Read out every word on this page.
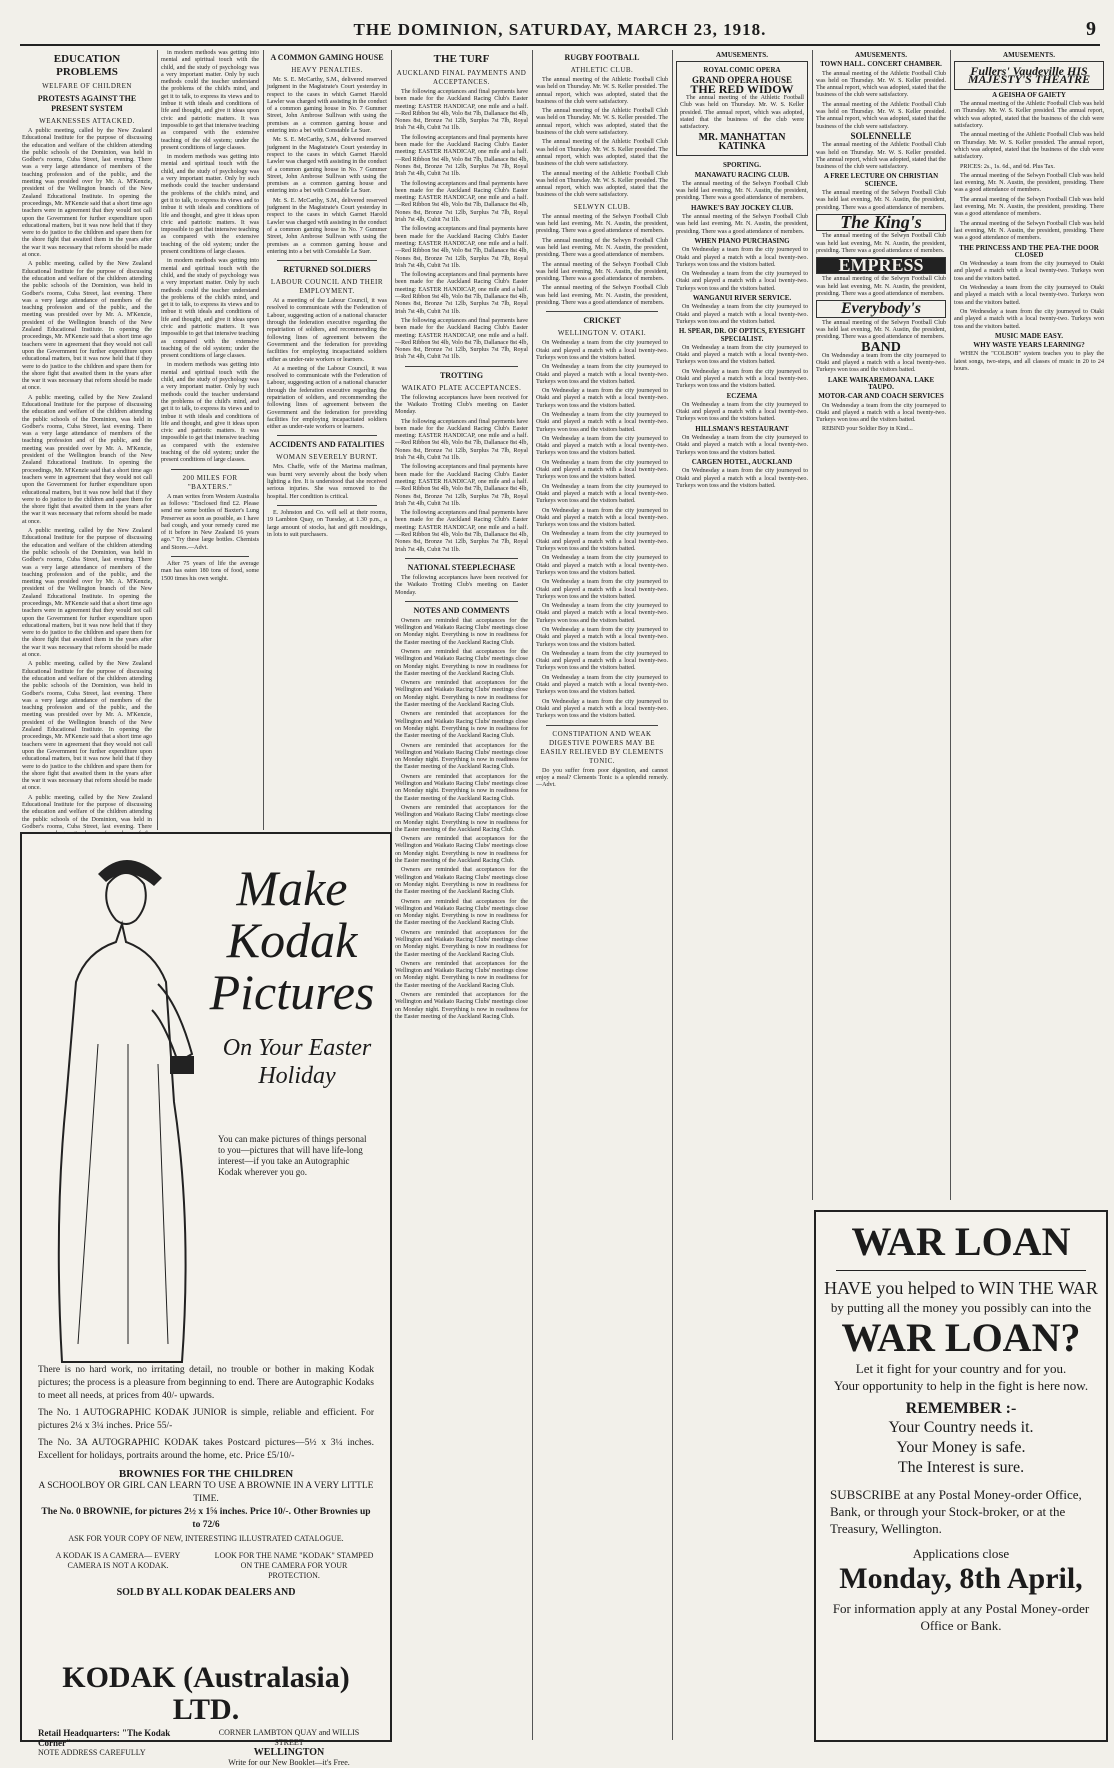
THE DOMINION, SATURDAY, MARCH 23, 1918.	9
EDUCATION PROBLEMS
WELFARE OF CHILDREN
PROTESTS AGAINST THE PRESENT SYSTEM
WEAKNESSES ATTACKED.

A public meeting, called by the New Zealand Educational Institute for the purpose of discussing the education and welfare of the children attending the public schools of the Dominion, was held in Godber's rooms, Cuba Street, last evening. There was a very large attendance of members of the teaching profession and of the public, and the meeting was presided over by Mr. A. M'Kenzie, president of the Wellington branch of the New Zealand Educational Institute. In opening the proceedings, Mr. M'Kenzie said that a short time ago teachers were in agreement that they would not call upon the Government for further expenditure upon educational matters, but it was now held that if they were to do justice to the children and spare them for the shore fight that awaited them in the years after the war it was necessary that reform should be made at once.

A public meeting, called by the New Zealand Educational Institute for the purpose of discussing the education and welfare of the children attending the public schools of the Dominion, was held in Godber's rooms, Cuba Street, last evening. There was a very large attendance of members of the teaching profession and of the public, and the meeting was presided over by Mr. A. M'Kenzie, president of the Wellington branch of the New Zealand Educational Institute. In opening the proceedings, Mr. M'Kenzie said that a short time ago teachers were in agreement that they would not call upon the Government for further expenditure upon educational matters, but it was now held that if they were to do justice to the children and spare them for the shore fight that awaited them in the years after the war it was necessary that reform should be made at once.

A public meeting, called by the New Zealand Educational Institute for the purpose of discussing the education and welfare of the children attending the public schools of the Dominion, was held in Godber's rooms, Cuba Street, last evening. There was a very large attendance of members of the teaching profession and of the public, and the meeting was presided over by Mr. A. M'Kenzie, president of the Wellington branch of the New Zealand Educational Institute. In opening the proceedings, Mr. M'Kenzie said that a short time ago teachers were in agreement that they would not call upon the Government for further expenditure upon educational matters, but it was now held that if they were to do justice to the children and spare them for the shore fight that awaited them in the years after the war it was necessary that reform should be made at once.

A public meeting, called by the New Zealand Educational Institute for the purpose of discussing the education and welfare of the children attending the public schools of the Dominion, was held in Godber's rooms, Cuba Street, last evening. There was a very large attendance of members of the teaching profession and of the public, and the meeting was presided over by Mr. A. M'Kenzie, president of the Wellington branch of the New Zealand Educational Institute. In opening the proceedings, Mr. M'Kenzie said that a short time ago teachers were in agreement that they would not call upon the Government for further expenditure upon educational matters, but it was now held that if they were to do justice to the children and spare them for the shore fight that awaited them in the years after the war it was necessary that reform should be made at once.

A public meeting, called by the New Zealand Educational Institute for the purpose of discussing the education and welfare of the children attending the public schools of the Dominion, was held in Godber's rooms, Cuba Street, last evening. There was a very large attendance of members of the teaching profession and of the public, and the meeting was presided over by Mr. A. M'Kenzie, president of the Wellington branch of the New Zealand Educational Institute. In opening the proceedings, Mr. M'Kenzie said that a short time ago teachers were in agreement that they would not call upon the Government for further expenditure upon educational matters, but it was now held that if they were to do justice to the children and spare them for the shore fight that awaited them in the years after the war it was necessary that reform should be made at once.

A public meeting, called by the New Zealand Educational Institute for the purpose of discussing the education and welfare of the children attending the public schools of the Dominion, was held in Godber's rooms, Cuba Street, last evening. There

in modern methods was getting into mental and spiritual touch with the child, and the study of psychology was a very important matter. Only by such methods could the teacher understand the problems of the child's mind, and get it to talk, to express its views and to imbue it with ideals and conditions of life and thought, and give it ideas upon civic and patriotic matters. It was impossible to get that intensive teaching as compared with the extensive teaching of the old system; under the present conditions of large classes.

in modern methods was getting into mental and spiritual touch with the child, and the study of psychology was a very important matter. Only by such methods could the teacher understand the problems of the child's mind, and get it to talk, to express its views and to imbue it with ideals and conditions of life and thought, and give it ideas upon civic and patriotic matters. It was impossible to get that intensive teaching as compared with the extensive teaching of the old system; under the present conditions of large classes.

in modern methods was getting into mental and spiritual touch with the child, and the study of psychology was a very important matter. Only by such methods could the teacher understand the problems of the child's mind, and get it to talk, to express its views and to imbue it with ideals and conditions of life and thought, and give it ideas upon civic and patriotic matters. It was impossible to get that intensive teaching as compared with the extensive teaching of the old system; under the present conditions of large classes.

in modern methods was getting into mental and spiritual touch with the child, and the study of psychology was a very important matter. Only by such methods could the teacher understand the problems of the child's mind, and get it to talk, to express its views and to imbue it with ideals and conditions of life and thought, and give it ideas upon civic and patriotic matters. It was impossible to get that intensive teaching as compared with the extensive teaching of the old system; under the present conditions of large classes.

200 MILES FOR "BAXTERS."

A man writes from Western Australia as follows: "Enclosed find £2. Please send me some bottles of Baxter's Lung Preserver as soon as possible, as I have bad cough, and your remedy cured me of it before in New Zealand 16 years ago." Try these large bottles. Chemists and Stores.—Advt.

After 75 years of life the average man has eaten 180 tons of food, some 1500 times his own weight.

A COMMON GAMING HOUSE
HEAVY PENALTIES.

Mr. S. E. McCarthy, S.M., delivered reserved judgment in the Magistrate's Court yesterday in respect to the cases in which Garnet Harold Lawler was charged with assisting in the conduct of a common gaming house in No. 7 Gummer Street, John Ambrose Sullivan with using the premises as a common gaming house and entering into a bet with Constable Le Suer.

Mr. S. E. McCarthy, S.M., delivered reserved judgment in the Magistrate's Court yesterday in respect to the cases in which Garnet Harold Lawler was charged with assisting in the conduct of a common gaming house in No. 7 Gummer Street, John Ambrose Sullivan with using the premises as a common gaming house and entering into a bet with Constable Le Suer.

Mr. S. E. McCarthy, S.M., delivered reserved judgment in the Magistrate's Court yesterday in respect to the cases in which Garnet Harold Lawler was charged with assisting in the conduct of a common gaming house in No. 7 Gummer Street, John Ambrose Sullivan with using the premises as a common gaming house and entering into a bet with Constable Le Suer.

RETURNED SOLDIERS
LABOUR COUNCIL AND THEIR EMPLOYMENT.

At a meeting of the Labour Council, it was resolved to communicate with the Federation of Labour, suggesting action of a national character through the federation executive regarding the repatriation of soldiers, and recommending the following lines of agreement between the Government and the federation for providing facilities for employing incapacitated soldiers either as under-rate workers or learners.

At a meeting of the Labour Council, it was resolved to communicate with the Federation of Labour, suggesting action of a national character through the federation executive regarding the repatriation of soldiers, and recommending the following lines of agreement between the Government and the federation for providing facilities for employing incapacitated soldiers either as under-rate workers or learners.

ACCIDENTS AND FATALITIES
WOMAN SEVERELY BURNT.

Mrs. Chaffe, wife of the Marima mailman, was burnt very severely about the body when lighting a fire. It is understood that she received serious injuries. She was removed to the hospital. Her condition is critical.

E. Johnston and Co. will sell at their rooms, 19 Lambton Quay, on Tuesday, at 1.30 p.m., a large amount of stocks, hat and gift mouldings, in lots to suit purchasers.

THE TURF
AUCKLAND FINAL PAYMENTS AND ACCEPTANCES.

The following acceptances and final payments have been made for the Auckland Racing Club's Easter meeting: EASTER HANDICAP, one mile and a half.—Red Ribbon 9st 4lb, Volo 8st 7lb, Dallanace 8st 4lb, Nones 8st, Bronze 7st 12lb, Surplus 7st 7lb, Royal Irish 7st 4lb, Cubit 7st 1lb.

The following acceptances and final payments have been made for the Auckland Racing Club's Easter meeting: EASTER HANDICAP, one mile and a half.—Red Ribbon 9st 4lb, Volo 8st 7lb, Dallanace 8st 4lb, Nones 8st, Bronze 7st 12lb, Surplus 7st 7lb, Royal Irish 7st 4lb, Cubit 7st 1lb.

The following acceptances and final payments have been made for the Auckland Racing Club's Easter meeting: EASTER HANDICAP, one mile and a half.—Red Ribbon 9st 4lb, Volo 8st 7lb, Dallanace 8st 4lb, Nones 8st, Bronze 7st 12lb, Surplus 7st 7lb, Royal Irish 7st 4lb, Cubit 7st 1lb.

The following acceptances and final payments have been made for the Auckland Racing Club's Easter meeting: EASTER HANDICAP, one mile and a half.—Red Ribbon 9st 4lb, Volo 8st 7lb, Dallanace 8st 4lb, Nones 8st, Bronze 7st 12lb, Surplus 7st 7lb, Royal Irish 7st 4lb, Cubit 7st 1lb.

The following acceptances and final payments have been made for the Auckland Racing Club's Easter meeting: EASTER HANDICAP, one mile and a half.—Red Ribbon 9st 4lb, Volo 8st 7lb, Dallanace 8st 4lb, Nones 8st, Bronze 7st 12lb, Surplus 7st 7lb, Royal Irish 7st 4lb, Cubit 7st 1lb.

The following acceptances and final payments have been made for the Auckland Racing Club's Easter meeting: EASTER HANDICAP, one mile and a half.—Red Ribbon 9st 4lb, Volo 8st 7lb, Dallanace 8st 4lb, Nones 8st, Bronze 7st 12lb, Surplus 7st 7lb, Royal Irish 7st 4lb, Cubit 7st 1lb.

TROTTING
WAIKATO PLATE ACCEPTANCES.

The following acceptances have been received for the Waikato Trotting Club's meeting on Easter Monday.

The following acceptances and final payments have been made for the Auckland Racing Club's Easter meeting: EASTER HANDICAP, one mile and a half.—Red Ribbon 9st 4lb, Volo 8st 7lb, Dallanace 8st 4lb, Nones 8st, Bronze 7st 12lb, Surplus 7st 7lb, Royal Irish 7st 4lb, Cubit 7st 1lb.

The following acceptances and final payments have been made for the Auckland Racing Club's Easter meeting: EASTER HANDICAP, one mile and a half.—Red Ribbon 9st 4lb, Volo 8st 7lb, Dallanace 8st 4lb, Nones 8st, Bronze 7st 12lb, Surplus 7st 7lb, Royal Irish 7st 4lb, Cubit 7st 1lb.

The following acceptances and final payments have been made for the Auckland Racing Club's Easter meeting: EASTER HANDICAP, one mile and a half.—Red Ribbon 9st 4lb, Volo 8st 7lb, Dallanace 8st 4lb, Nones 8st, Bronze 7st 12lb, Surplus 7st 7lb, Royal Irish 7st 4lb, Cubit 7st 1lb.

NATIONAL STEEPLECHASE

The following acceptances have been received for the Waikato Trotting Club's meeting on Easter Monday.

NOTES AND COMMENTS

Owners are reminded that acceptances for the Wellington and Waikato Racing Clubs' meetings close on Monday night. Everything is now in readiness for the Easter meeting of the Auckland Racing Club.

Owners are reminded that acceptances for the Wellington and Waikato Racing Clubs' meetings close on Monday night. Everything is now in readiness for the Easter meeting of the Auckland Racing Club.

Owners are reminded that acceptances for the Wellington and Waikato Racing Clubs' meetings close on Monday night. Everything is now in readiness for the Easter meeting of the Auckland Racing Club.

Owners are reminded that acceptances for the Wellington and Waikato Racing Clubs' meetings close on Monday night. Everything is now in readiness for the Easter meeting of the Auckland Racing Club.

Owners are reminded that acceptances for the Wellington and Waikato Racing Clubs' meetings close on Monday night. Everything is now in readiness for the Easter meeting of the Auckland Racing Club.

Owners are reminded that acceptances for the Wellington and Waikato Racing Clubs' meetings close on Monday night. Everything is now in readiness for the Easter meeting of the Auckland Racing Club.

Owners are reminded that acceptances for the Wellington and Waikato Racing Clubs' meetings close on Monday night. Everything is now in readiness for the Easter meeting of the Auckland Racing Club.

Owners are reminded that acceptances for the Wellington and Waikato Racing Clubs' meetings close on Monday night. Everything is now in readiness for the Easter meeting of the Auckland Racing Club.

Owners are reminded that acceptances for the Wellington and Waikato Racing Clubs' meetings close on Monday night. Everything is now in readiness for the Easter meeting of the Auckland Racing Club.

Owners are reminded that acceptances for the Wellington and Waikato Racing Clubs' meetings close on Monday night. Everything is now in readiness for the Easter meeting of the Auckland Racing Club.

Owners are reminded that acceptances for the Wellington and Waikato Racing Clubs' meetings close on Monday night. Everything is now in readiness for the Easter meeting of the Auckland Racing Club.

Owners are reminded that acceptances for the Wellington and Waikato Racing Clubs' meetings close on Monday night. Everything is now in readiness for the Easter meeting of the Auckland Racing Club.

Owners are reminded that acceptances for the Wellington and Waikato Racing Clubs' meetings close on Monday night. Everything is now in readiness for the Easter meeting of the Auckland Racing Club.

RUGBY FOOTBALL
ATHLETIC CLUB.

The annual meeting of the Athletic Football Club was held on Thursday. Mr. W. S. Keller presided. The annual report, which was adopted, stated that the business of the club were satisfactory.

The annual meeting of the Athletic Football Club was held on Thursday. Mr. W. S. Keller presided. The annual report, which was adopted, stated that the business of the club were satisfactory.

The annual meeting of the Athletic Football Club was held on Thursday. Mr. W. S. Keller presided. The annual report, which was adopted, stated that the business of the club were satisfactory.

The annual meeting of the Athletic Football Club was held on Thursday. Mr. W. S. Keller presided. The annual report, which was adopted, stated that the business of the club were satisfactory.

SELWYN CLUB.

The annual meeting of the Selwyn Football Club was held last evening, Mr. N. Austin, the president, presiding. There was a good attendance of members.

The annual meeting of the Selwyn Football Club was held last evening, Mr. N. Austin, the president, presiding. There was a good attendance of members.

The annual meeting of the Selwyn Football Club was held last evening, Mr. N. Austin, the president, presiding. There was a good attendance of members.

The annual meeting of the Selwyn Football Club was held last evening, Mr. N. Austin, the president, presiding. There was a good attendance of members.

CRICKET
WELLINGTON V. OTAKI.

On Wednesday a team from the city journeyed to Otaki and played a match with a local twenty-two. Turkeys won toss and the visitors batted.

On Wednesday a team from the city journeyed to Otaki and played a match with a local twenty-two. Turkeys won toss and the visitors batted.

On Wednesday a team from the city journeyed to Otaki and played a match with a local twenty-two. Turkeys won toss and the visitors batted.

On Wednesday a team from the city journeyed to Otaki and played a match with a local twenty-two. Turkeys won toss and the visitors batted.

On Wednesday a team from the city journeyed to Otaki and played a match with a local twenty-two. Turkeys won toss and the visitors batted.

On Wednesday a team from the city journeyed to Otaki and played a match with a local twenty-two. Turkeys won toss and the visitors batted.

On Wednesday a team from the city journeyed to Otaki and played a match with a local twenty-two. Turkeys won toss and the visitors batted.

On Wednesday a team from the city journeyed to Otaki and played a match with a local twenty-two. Turkeys won toss and the visitors batted.

On Wednesday a team from the city journeyed to Otaki and played a match with a local twenty-two. Turkeys won toss and the visitors batted.

On Wednesday a team from the city journeyed to Otaki and played a match with a local twenty-two. Turkeys won toss and the visitors batted.

On Wednesday a team from the city journeyed to Otaki and played a match with a local twenty-two. Turkeys won toss and the visitors batted.

On Wednesday a team from the city journeyed to Otaki and played a match with a local twenty-two. Turkeys won toss and the visitors batted.

On Wednesday a team from the city journeyed to Otaki and played a match with a local twenty-two. Turkeys won toss and the visitors batted.

On Wednesday a team from the city journeyed to Otaki and played a match with a local twenty-two. Turkeys won toss and the visitors batted.

On Wednesday a team from the city journeyed to Otaki and played a match with a local twenty-two. Turkeys won toss and the visitors batted.

On Wednesday a team from the city journeyed to Otaki and played a match with a local twenty-two. Turkeys won toss and the visitors batted.

CONSTIPATION AND WEAK DIGESTIVE POWERS MAY BE EASILY RELIEVED BY CLEMENTS TONIC.

Do you suffer from poor digestion, and cannot enjoy a meal? Clements Tonic is a splendid remedy.—Advt.

AMUSEMENTS.
ROYAL COMIC OPERA
GRAND OPERA HOUSE
THE RED WIDOW

The annual meeting of the Athletic Football Club was held on Thursday. Mr. W. S. Keller presided. The annual report, which was adopted, stated that the business of the club were satisfactory.

MR. MANHATTAN
KATINKA
SPORTING.
MANAWATU RACING CLUB.

The annual meeting of the Selwyn Football Club was held last evening, Mr. N. Austin, the president, presiding. There was a good attendance of members.

HAWKE'S BAY JOCKEY CLUB.

The annual meeting of the Selwyn Football Club was held last evening, Mr. N. Austin, the president, presiding. There was a good attendance of members.

WHEN PIANO PURCHASING

On Wednesday a team from the city journeyed to Otaki and played a match with a local twenty-two. Turkeys won toss and the visitors batted.

On Wednesday a team from the city journeyed to Otaki and played a match with a local twenty-two. Turkeys won toss and the visitors batted.

WANGANUI RIVER SERVICE.

On Wednesday a team from the city journeyed to Otaki and played a match with a local twenty-two. Turkeys won toss and the visitors batted.

H. SPEAR, DR. OF OPTICS, EYESIGHT SPECIALIST.

On Wednesday a team from the city journeyed to Otaki and played a match with a local twenty-two. Turkeys won toss and the visitors batted.

On Wednesday a team from the city journeyed to Otaki and played a match with a local twenty-two. Turkeys won toss and the visitors batted.

ECZEMA

On Wednesday a team from the city journeyed to Otaki and played a match with a local twenty-two. Turkeys won toss and the visitors batted.

HILLSMAN'S RESTAURANT

On Wednesday a team from the city journeyed to Otaki and played a match with a local twenty-two. Turkeys won toss and the visitors batted.

CARGEN HOTEL, AUCKLAND

On Wednesday a team from the city journeyed to Otaki and played a match with a local twenty-two. Turkeys won toss and the visitors batted.

AMUSEMENTS.
TOWN HALL. CONCERT CHAMBER.

The annual meeting of the Athletic Football Club was held on Thursday. Mr. W. S. Keller presided. The annual report, which was adopted, stated that the business of the club were satisfactory.

The annual meeting of the Athletic Football Club was held on Thursday. Mr. W. S. Keller presided. The annual report, which was adopted, stated that the business of the club were satisfactory.

SOLENNELLE

The annual meeting of the Athletic Football Club was held on Thursday. Mr. W. S. Keller presided. The annual report, which was adopted, stated that the business of the club were satisfactory.

A FREE LECTURE ON CHRISTIAN SCIENCE.

The annual meeting of the Selwyn Football Club was held last evening, Mr. N. Austin, the president, presiding. There was a good attendance of members.

The King's

The annual meeting of the Selwyn Football Club was held last evening, Mr. N. Austin, the president, presiding. There was a good attendance of members.

EMPRESS

The annual meeting of the Selwyn Football Club was held last evening, Mr. N. Austin, the president, presiding. There was a good attendance of members.

Everybody's

The annual meeting of the Selwyn Football Club was held last evening, Mr. N. Austin, the president, presiding. There was a good attendance of members.

BAND

On Wednesday a team from the city journeyed to Otaki and played a match with a local twenty-two. Turkeys won toss and the visitors batted.

LAKE WAIKAREMOANA. LAKE TAUPO.
MOTOR-CAR AND COACH SERVICES

On Wednesday a team from the city journeyed to Otaki and played a match with a local twenty-two. Turkeys won toss and the visitors batted.

REBIND your Soldier Boy in Kind...

AMUSEMENTS.
Fullers' Vaudeville HIS MAJESTY'S THEATRE
A GEISHA OF GAIETY

The annual meeting of the Athletic Football Club was held on Thursday. Mr. W. S. Keller presided. The annual report, which was adopted, stated that the business of the club were satisfactory.

The annual meeting of the Athletic Football Club was held on Thursday. Mr. W. S. Keller presided. The annual report, which was adopted, stated that the business of the club were satisfactory.

PRICES: 2s., 1s. 6d., and 6d. Plus Tax.

The annual meeting of the Selwyn Football Club was held last evening, Mr. N. Austin, the president, presiding. There was a good attendance of members.

The annual meeting of the Selwyn Football Club was held last evening, Mr. N. Austin, the president, presiding. There was a good attendance of members.

The annual meeting of the Selwyn Football Club was held last evening, Mr. N. Austin, the president, presiding. There was a good attendance of members.

THE PRINCESS AND THE PEA-THE DOOR CLOSED

On Wednesday a team from the city journeyed to Otaki and played a match with a local twenty-two. Turkeys won toss and the visitors batted.

On Wednesday a team from the city journeyed to Otaki and played a match with a local twenty-two. Turkeys won toss and the visitors batted.

On Wednesday a team from the city journeyed to Otaki and played a match with a local twenty-two. Turkeys won toss and the visitors batted.

MUSIC MADE EASY.
WHY WASTE YEARS LEARNING?

WHEN the "COLBOB" system teaches you to play the latest songs, two-steps, and all classes of music in 20 to 24 hours.

Make Kodak Pictures
On Your Easter Holiday
You can make pictures of things personal to you—pictures that will have life-long interest—if you take an Autographic Kodak wherever you go.
There is no hard work, no irritating detail, no trouble or bother in making Kodak pictures; the process is a pleasure from beginning to end. There are Autographic Kodaks to meet all needs, at prices from 40/- upwards.
The No. 1 AUTOGRAPHIC KODAK JUNIOR is simple, reliable and efficient. For pictures 2¼ x 3¼ inches. Price 55/-
The No. 3A AUTOGRAPHIC KODAK takes Postcard pictures—5½ x 3¼ inches. Excellent for holidays, portraits around the home, etc. Price £5/10/-
BROWNIES FOR THE CHILDREN
A SCHOOLBOY OR GIRL CAN LEARN TO USE A BROWNIE IN A VERY LITTLE TIME.
The No. 0 BROWNIE, for pictures 2½ x 1⅝ inches. Price 10/-. Other Brownies up to 72/6
ASK FOR YOUR COPY OF NEW, INTERESTING ILLUSTRATED CATALOGUE.
A KODAK IS A CAMERA— EVERY CAMERA IS NOT A KODAK.
LOOK FOR THE NAME "KODAK" STAMPED ON THE CAMERA FOR YOUR PROTECTION.
SOLD BY ALL KODAK DEALERS AND
KODAK (Australasia) LTD.
Retail Headquarters: "The Kodak Corner"
NOTE ADDRESS CAREFULLY
CORNER LAMBTON QUAY and WILLIS STREET
WELLINGTON
Write for our New Booklet—it's Free.
WAR LOAN
HAVE you helped to WIN THE WAR
by putting all the money you possibly can into the
WAR LOAN?
Let it fight for your country and for you.
Your opportunity to help in the fight is here now.
REMEMBER :-
Your Country needs it.
Your Money is safe.
The Interest is sure.
SUBSCRIBE at any Postal Money-order Office, Bank, or through your Stock-broker, or at the Treasury, Wellington.
Applications close
Monday, 8th April,
For information apply at any Postal Money-order Office or Bank.
